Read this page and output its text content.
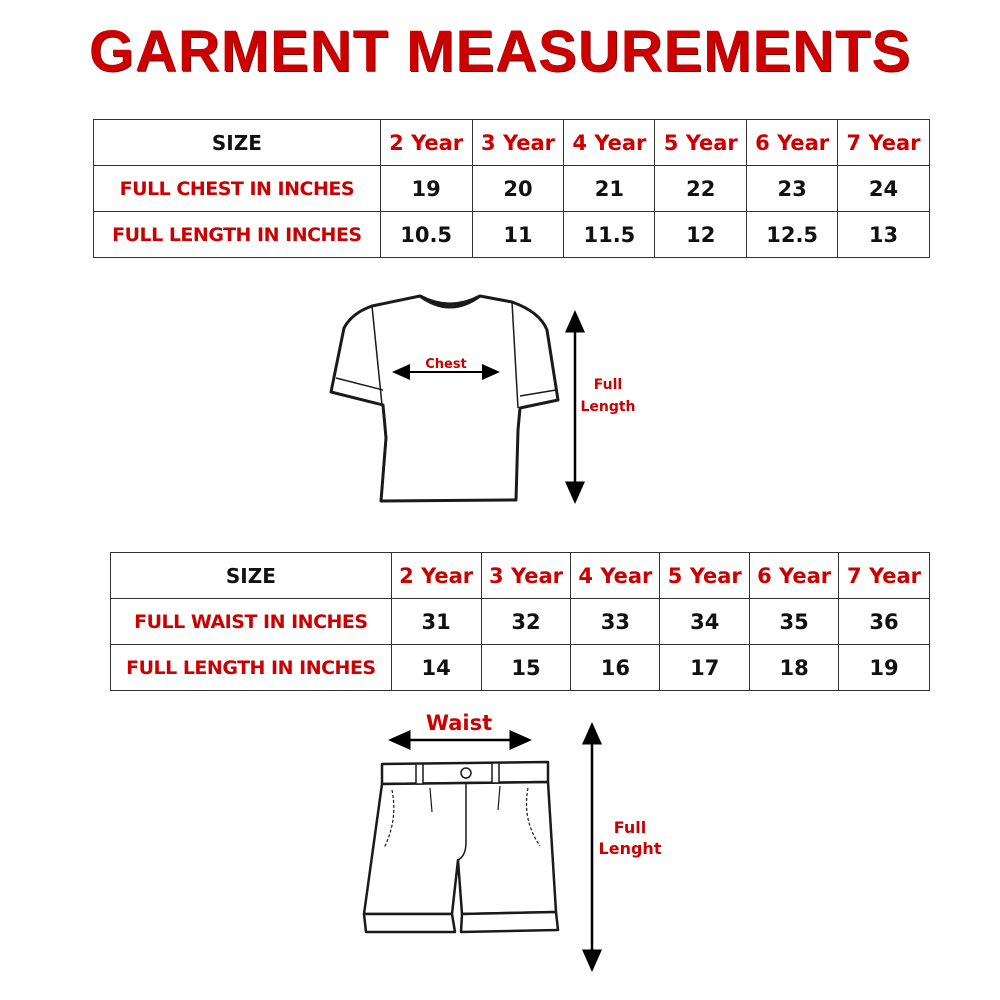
GARMENT MEASUREMENTS
SIZE	2 Year	3 Year	4 Year	5 Year	6 Year	7 Year
FULL CHEST IN INCHES	19	20	21	22	23	24
FULL LENGTH IN INCHES	10.5	11	11.5	12	12.5	13
Chest
Full
Length
SIZE	2 Year	3 Year	4 Year	5 Year	6 Year	7 Year
FULL WAIST IN INCHES	31	32	33	34	35	36
FULL LENGTH IN INCHES	14	15	16	17	18	19
Waist
Full
Lenght
